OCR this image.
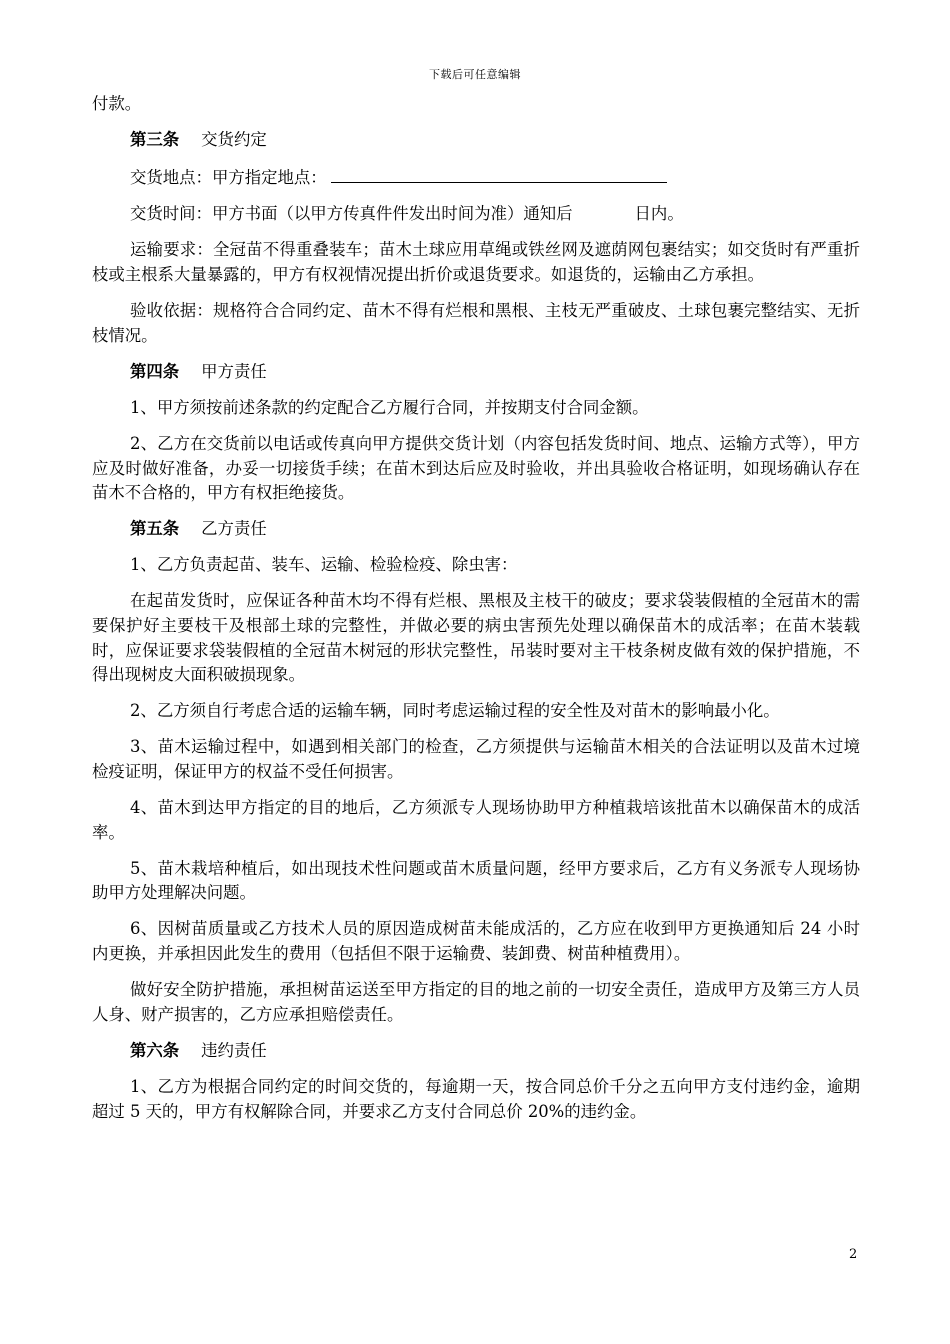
下载后可任意编辑

付款。

第三条 交货约定

交货地点：甲方指定地点：

交货时间：甲方书面（以甲方传真件件发出时间为准）通知后	日内。

运输要求：全冠苗不得重叠装车；苗木土球应用草绳或铁丝网及遮荫网包裹结实；如交货时有严重折枝或主根系大量暴露的，甲方有权视情况提出折价或退货要求。如退货的，运输由乙方承担。

验收依据：规格符合合同约定、苗木不得有烂根和黑根、主枝无严重破皮、土球包裹完整结实、无折枝情况。

第四条 甲方责任

1、甲方须按前述条款的约定配合乙方履行合同，并按期支付合同金额。

2、乙方在交货前以电话或传真向甲方提供交货计划（内容包括发货时间、地点、运输方式等），甲方应及时做好准备，办妥一切接货手续；在苗木到达后应及时验收，并出具验收合格证明，如现场确认存在苗木不合格的，甲方有权拒绝接货。

第五条 乙方责任

1、乙方负责起苗、装车、运输、检验检疫、除虫害：

在起苗发货时，应保证各种苗木均不得有烂根、黑根及主枝干的破皮；要求袋装假植的全冠苗木的需要保护好主要枝干及根部土球的完整性，并做必要的病虫害预先处理以确保苗木的成活率；在苗木装载时，应保证要求袋装假植的全冠苗木树冠的形状完整性，吊装时要对主干枝条树皮做有效的保护措施，不得出现树皮大面积破损现象。

2、乙方须自行考虑合适的运输车辆，同时考虑运输过程的安全性及对苗木的影响最小化。

3、苗木运输过程中，如遇到相关部门的检查，乙方须提供与运输苗木相关的合法证明以及苗木过境检疫证明，保证甲方的权益不受任何损害。

4、苗木到达甲方指定的目的地后，乙方须派专人现场协助甲方种植栽培该批苗木以确保苗木的成活率。

5、苗木栽培种植后，如出现技术性问题或苗木质量问题，经甲方要求后，乙方有义务派专人现场协助甲方处理解决问题。

6、因树苗质量或乙方技术人员的原因造成树苗未能成活的，乙方应在收到甲方更换通知后 24 小时内更换，并承担因此发生的费用（包括但不限于运输费、装卸费、树苗种植费用）。

做好安全防护措施，承担树苗运送至甲方指定的目的地之前的一切安全责任，造成甲方及第三方人员人身、财产损害的，乙方应承担赔偿责任。

第六条 违约责任

1、乙方为根据合同约定的时间交货的，每逾期一天，按合同总价千分之五向甲方支付违约金，逾期超过 5 天的，甲方有权解除合同，并要求乙方支付合同总价 20%的违约金。

2
